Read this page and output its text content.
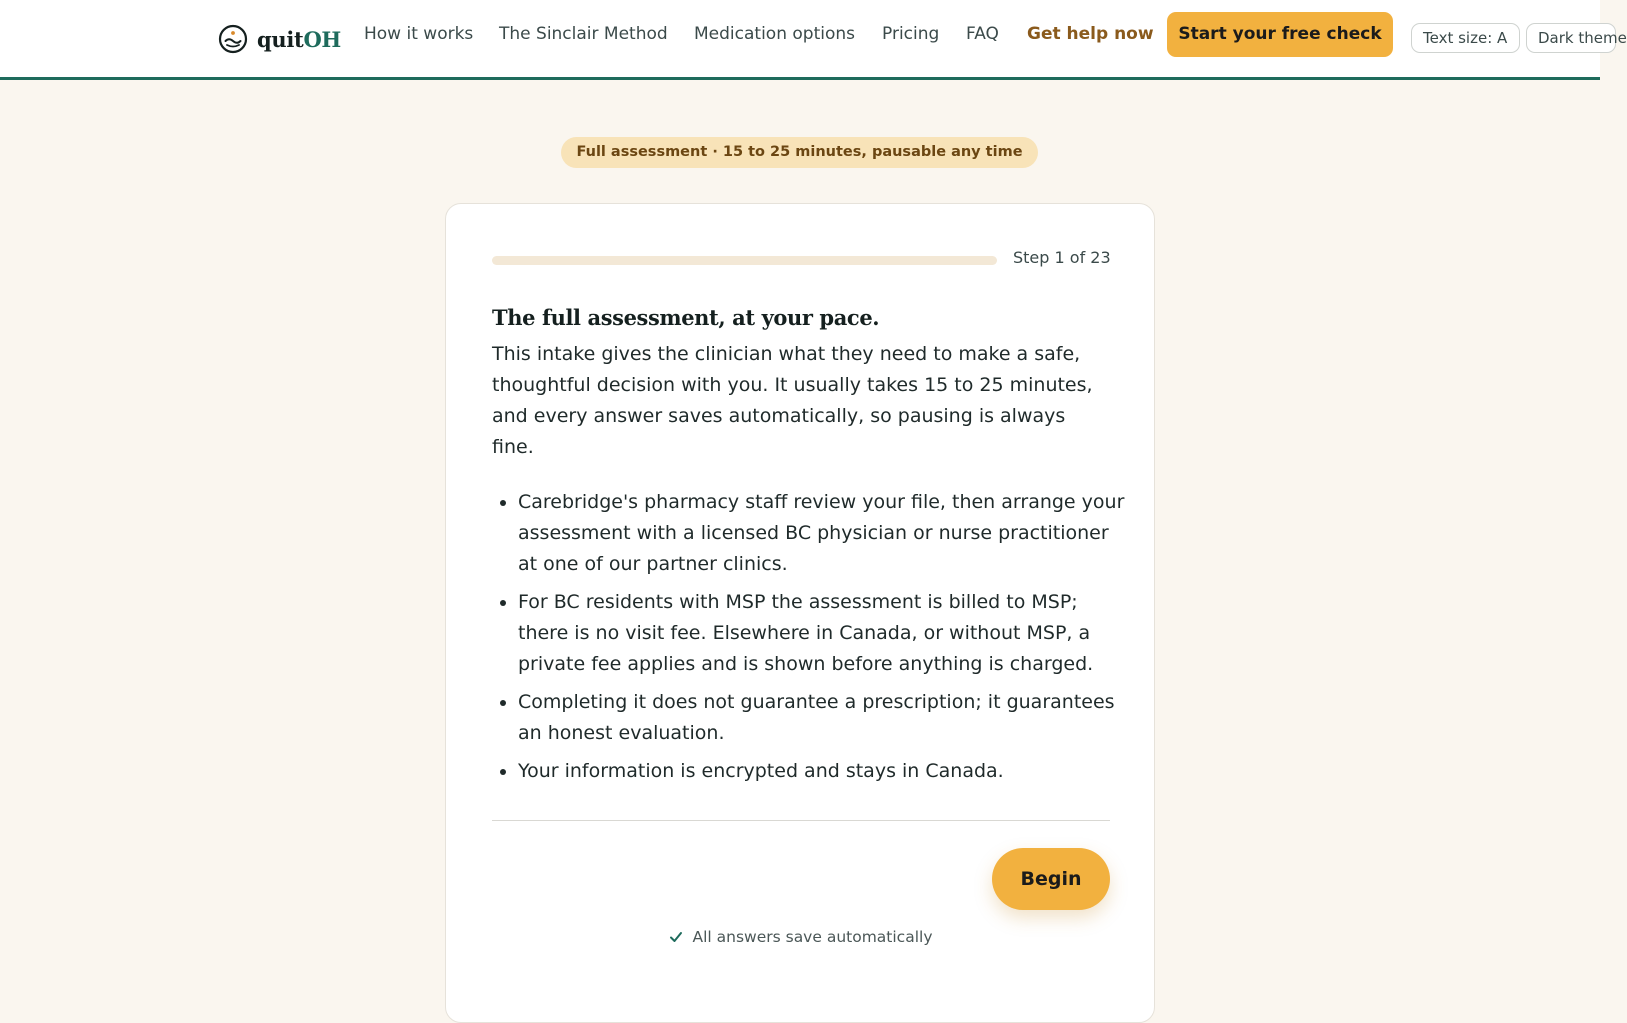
quitOH How it works The Sinclair Method Medication options Pricing FAQ Get help now	Start your free check	Text size: A	Dark theme
Full assessment · 15 to 25 minutes, pausable any time
Step 1 of 23
The full assessment, at your pace.

This intake gives the clinician what they need to make a safe, thoughtful decision with you. It usually takes 15 to 25 minutes, and every answer saves automatically, so pausing is always fine.

• Carebridge's pharmacy staff review your file, then arrange your assessment with a licensed BC physician or nurse practitioner at one of our partner clinics.
• For BC residents with MSP the assessment is billed to MSP; there is no visit fee. Elsewhere in Canada, or without MSP, a private fee applies and is shown before anything is charged.
• Completing it does not guarantee a prescription; it guarantees an honest evaluation.
• Your information is encrypted and stays in Canada.
Begin
All answers save automatically
